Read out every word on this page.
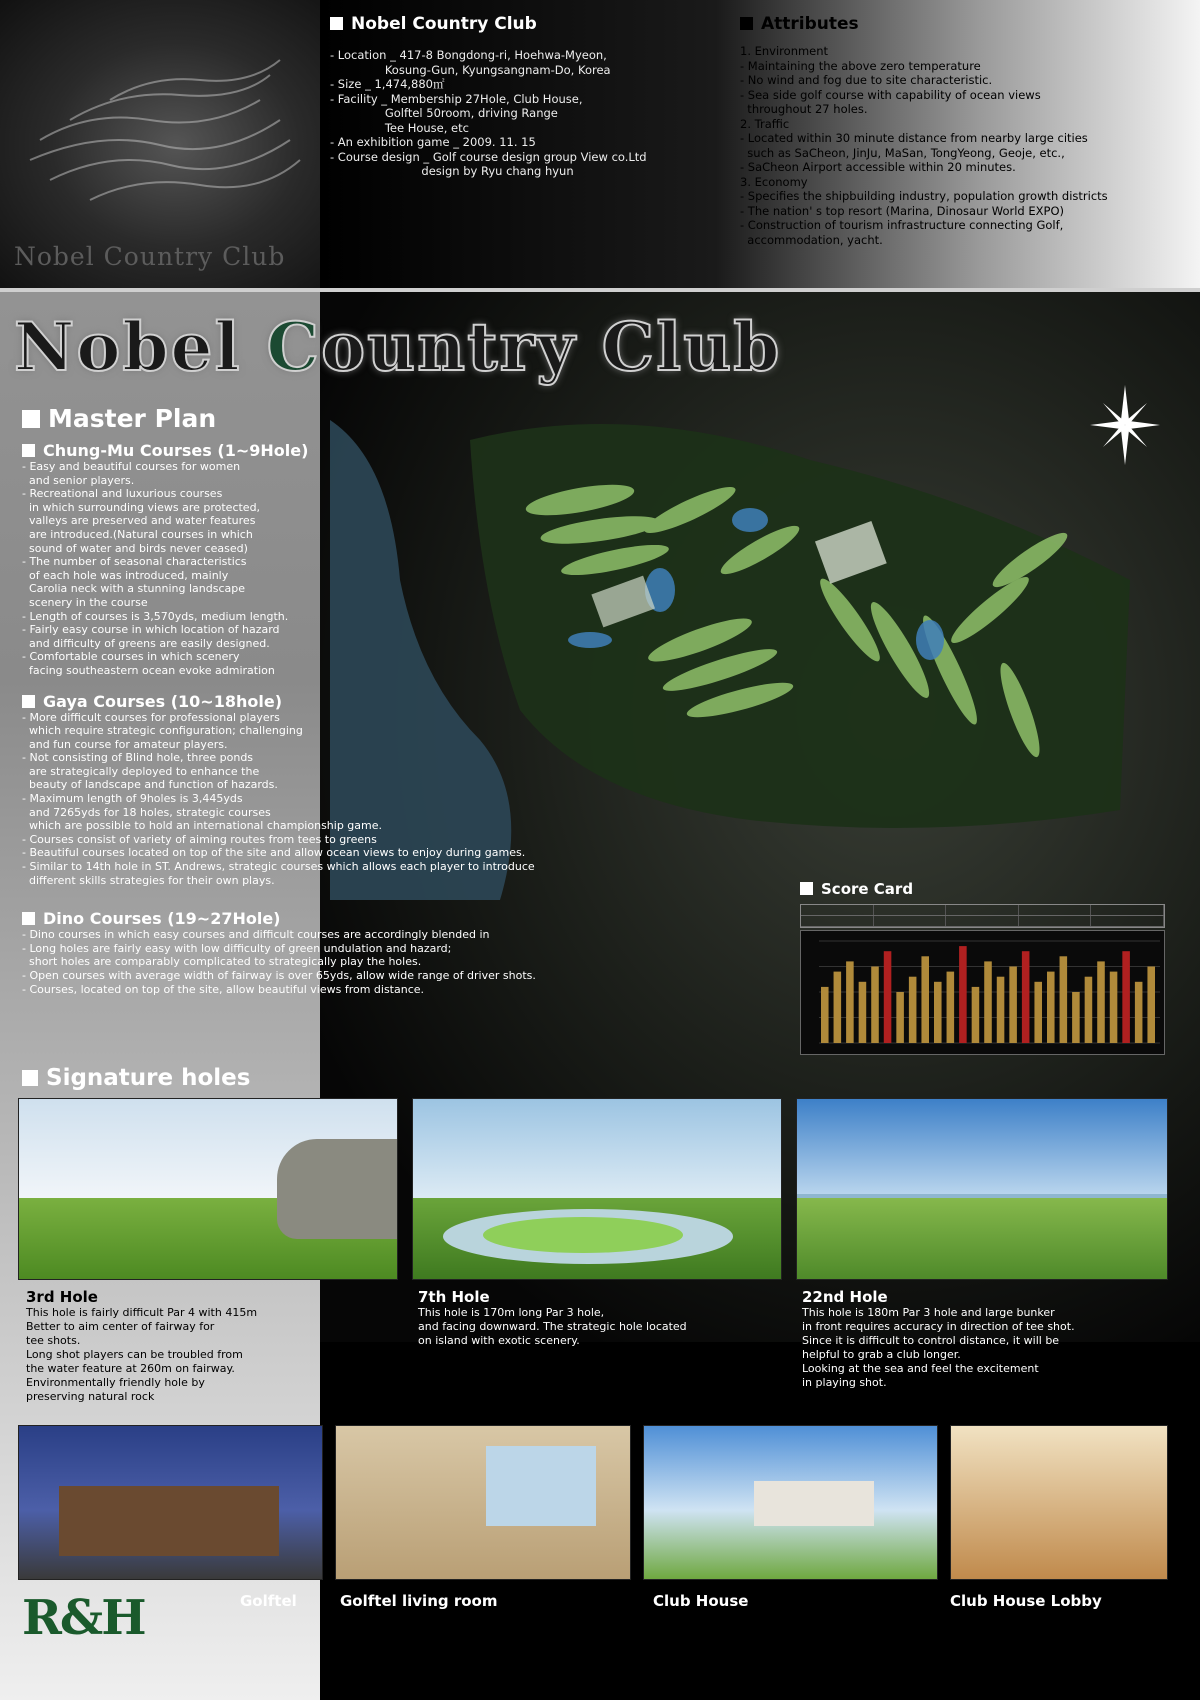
Nobel Country Club
Nobel Country Club
- Location _ 417-8 Bongdong-ri, Hoehwa-Myeon,
Kosung-Gun, Kyungsangnam-Do, Korea
- Size _ 1,474,880㎡
- Facility _ Membership 27Hole, Club House,
Golftel 50room, driving Range
Tee House, etc
- An exhibition game _ 2009. 11. 15
- Course design _ Golf course design group View co.Ltd
design by Ryu chang hyun
Attributes
1. Environment
- Maintaining the above zero temperature
- No wind and fog due to site characteristic.
- Sea side golf course with capability of ocean views
throughout 27 holes.
2. Traffic
- Located within 30 minute distance from nearby large cities
such as SaCheon, JinJu, MaSan, TongYeong, Geoje, etc.,
- SaCheon Airport accessible within 20 minutes.
3. Economy
- Specifies the shipbuilding industry, population growth districts
- The nation' s top resort (Marina, Dinosaur World EXPO)
- Construction of tourism infrastructure connecting Golf,
accommodation, yacht.
Nobel Country Club
Master Plan
Chung-Mu Courses (1~9Hole)
- Easy and beautiful courses for women
and senior players.
- Recreational and luxurious courses
in which surrounding views are protected,
valleys are preserved and water features
are introduced.(Natural courses in which
sound of water and birds never ceased)
- The number of seasonal characteristics
of each hole was introduced, mainly
Carolia neck with a stunning landscape
scenery in the course
- Length of courses is 3,570yds, medium length.
- Fairly easy course in which location of hazard
and difficulty of greens are easily designed.
- Comfortable courses in which scenery
facing southeastern ocean evoke admiration
Gaya Courses (10~18hole)
- More difficult courses for professional players
which require strategic configuration; challenging
and fun course for amateur players.
- Not consisting of Blind hole, three ponds
are strategically deployed to enhance the
beauty of landscape and function of hazards.
- Maximum length of 9holes is 3,445yds
and 7265yds for 18 holes, strategic courses
which are possible to hold an international championship game.
- Courses consist of variety of aiming routes from tees to greens
- Beautiful courses located on top of the site and allow ocean views to enjoy during games.
- Similar to 14th hole in ST. Andrews, strategic courses which allows each player to introduce
different skills strategies for their own plays.
Dino Courses (19~27Hole)
- Dino courses in which easy courses and difficult courses are accordingly blended in
- Long holes are fairly easy with low difficulty of green undulation and hazard;
short holes are comparably complicated to strategically play the holes.
- Open courses with average width of fairway is over 65yds, allow wide range of driver shots.
- Courses, located on top of the site, allow beautiful views from distance.
Score Card
Signature holes
3rd Hole
This hole is fairly difficult Par 4 with 415m
Better to aim center of fairway for
tee shots.
Long shot players can be troubled from
the water feature at 260m on fairway.
Environmentally friendly hole by
preserving natural rock
7th Hole
This hole is 170m long Par 3 hole,
and facing downward. The strategic hole located
on island with exotic scenery.
22nd Hole
This hole is 180m Par 3 hole and large bunker
in front requires accuracy in direction of tee shot.
Since it is difficult to control distance, it will be
helpful to grab a club longer.
Looking at the sea and feel the excitement
in playing shot.
Golftel	Golftel living room	Club House	Club House Lobby
R&H
